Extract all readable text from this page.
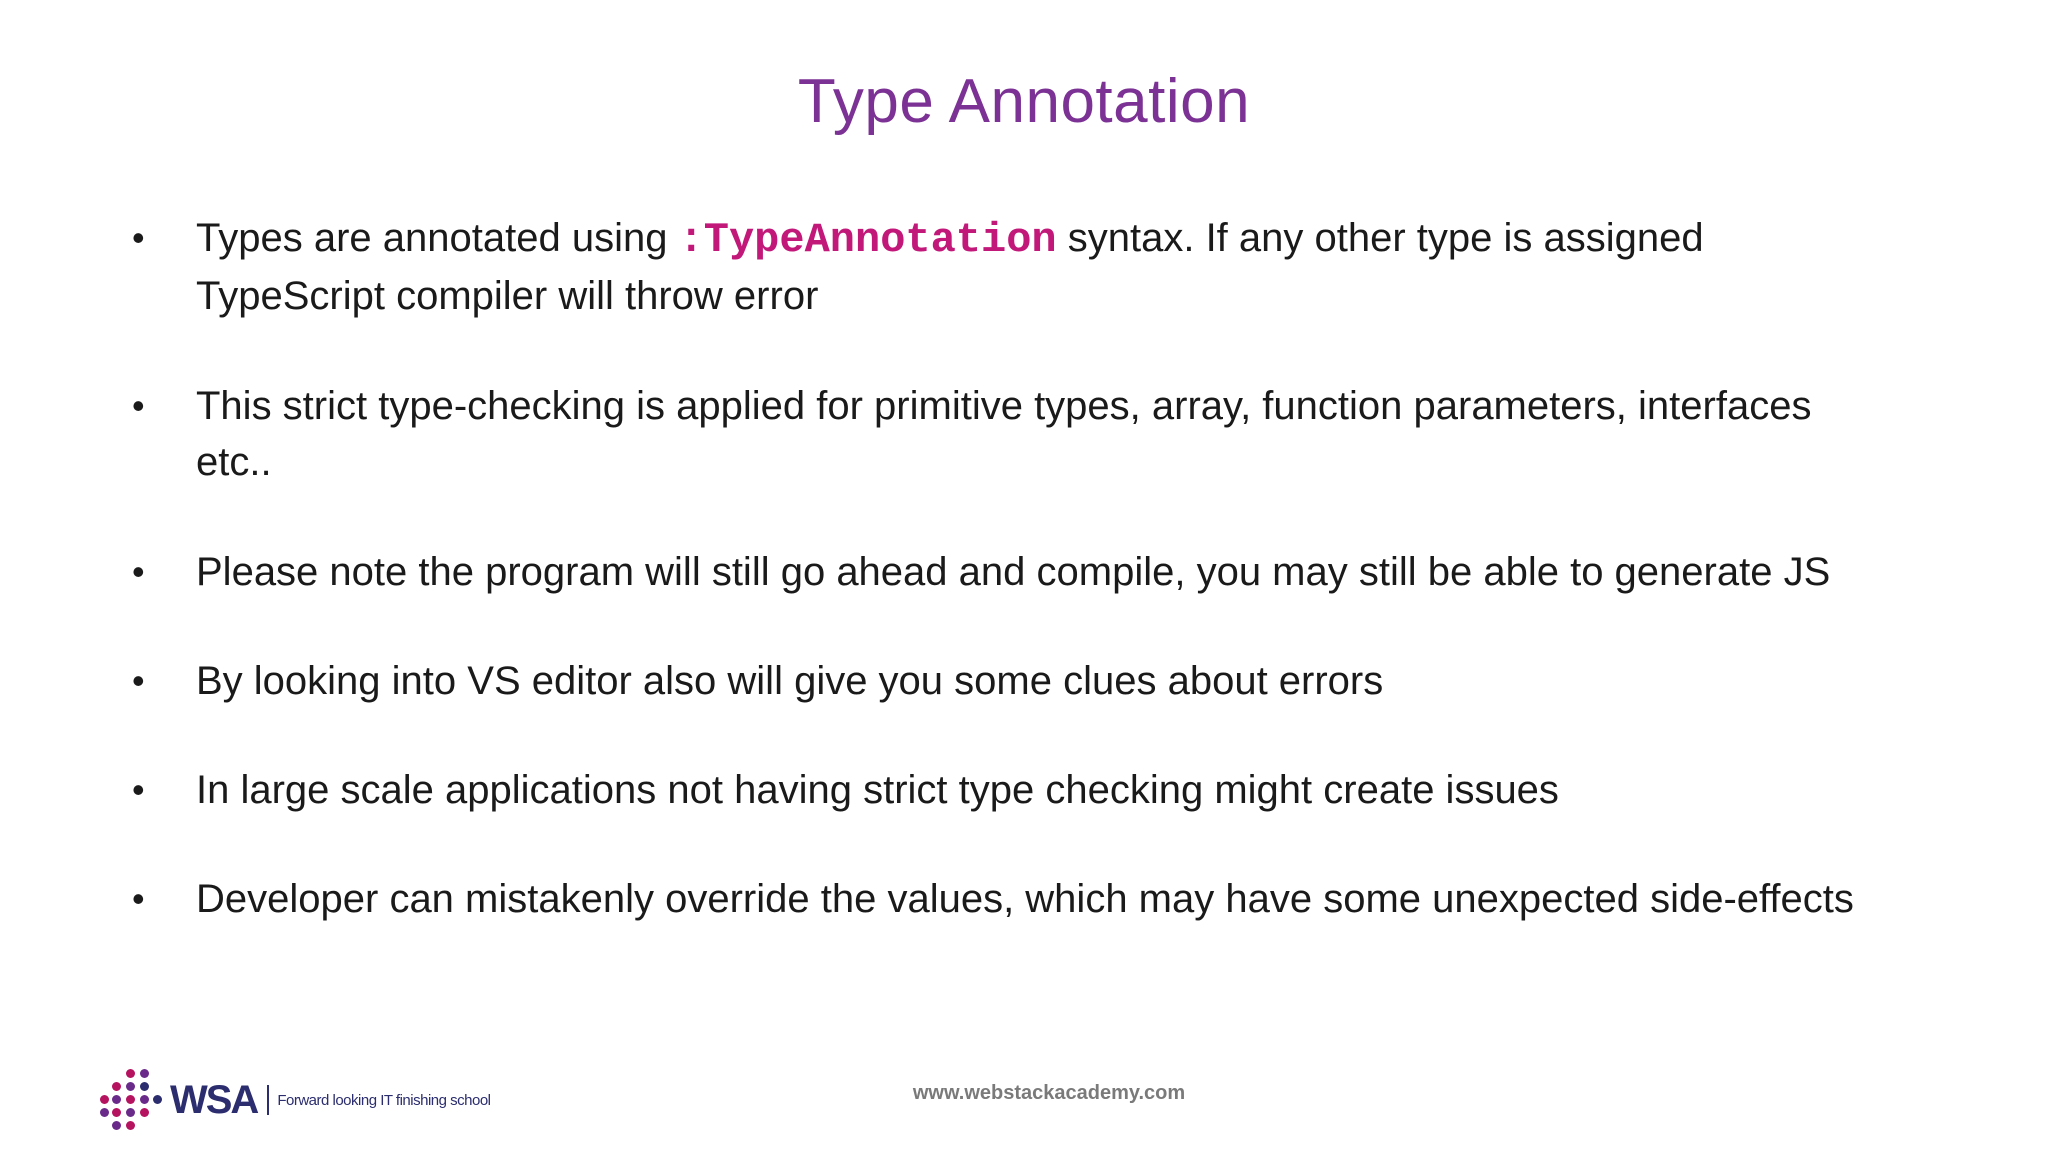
Type Annotation
• Types are annotated using :TypeAnnotation syntax. If any other type is assigned
TypeScript compiler will throw error
• This strict type-checking is applied for primitive types, array, function parameters, interfaces
etc..
• Please note the program will still go ahead and compile, you may still be able to generate JS
• By looking into VS editor also will give you some clues about errors
• In large scale applications not having strict type checking might create issues
• Developer can mistakenly override the values, which may have some unexpected side-effects
WSA Forward looking IT finishing school	www.webstackacademy.com
